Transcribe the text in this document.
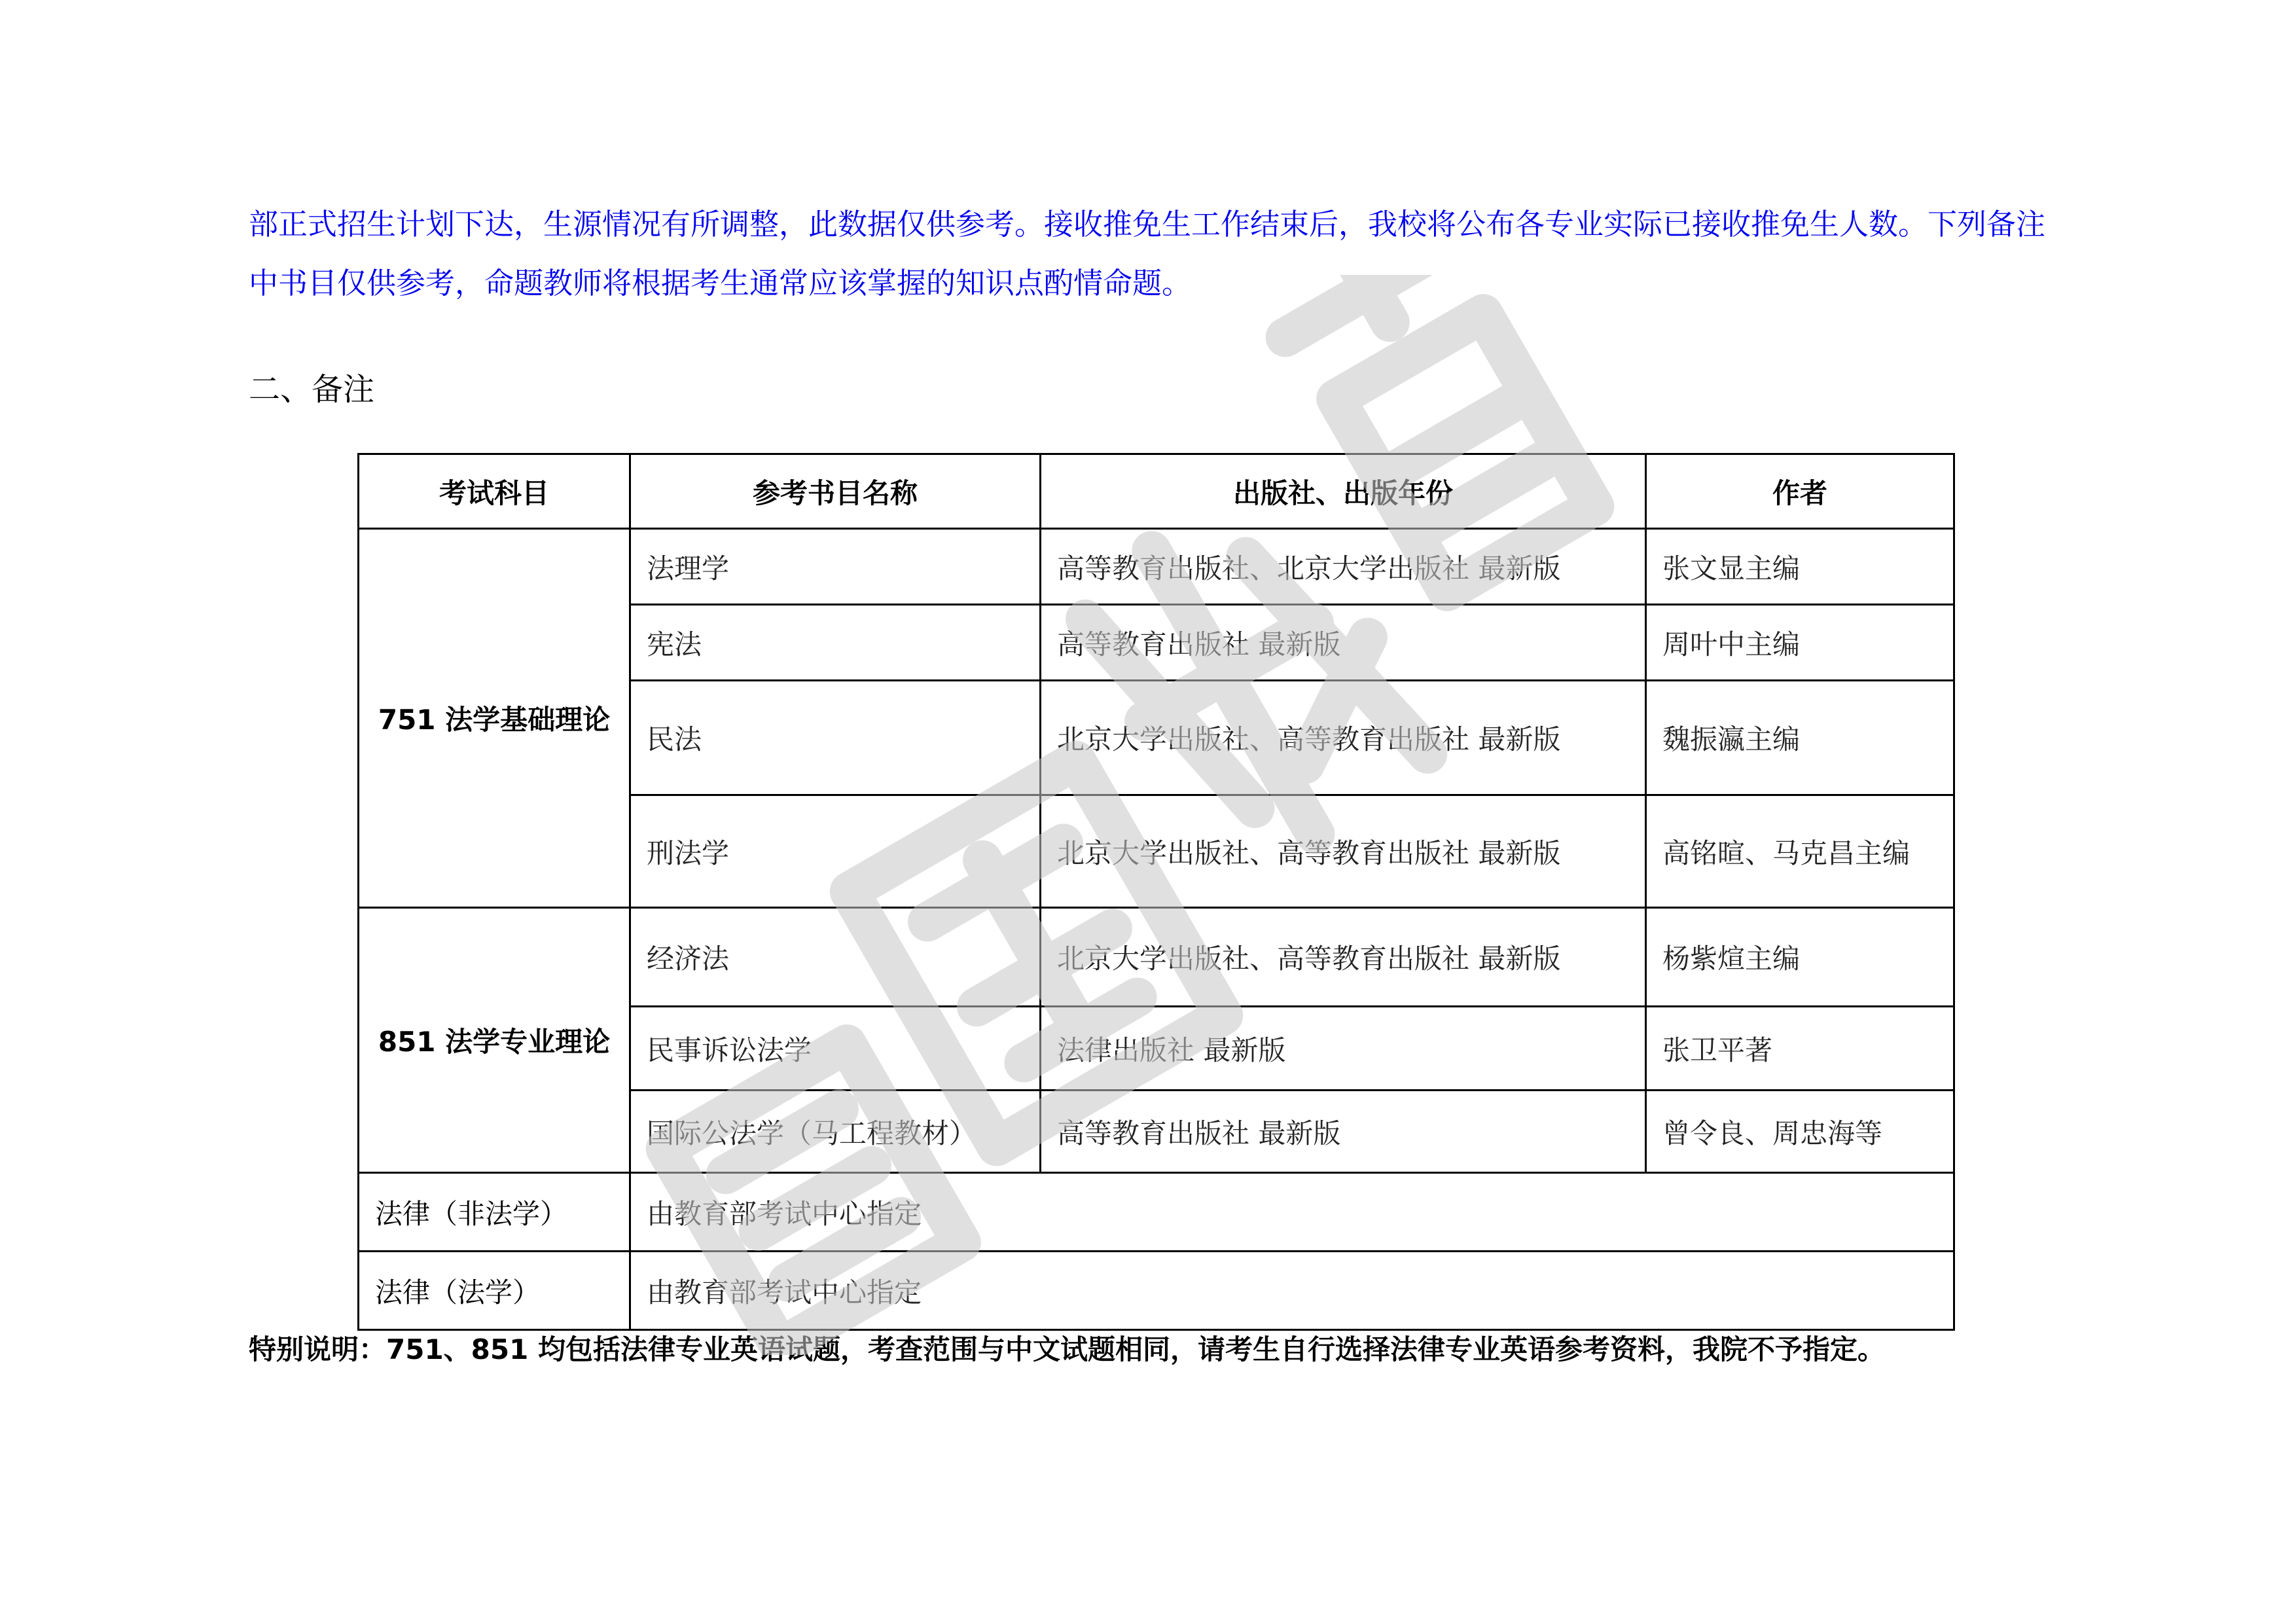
部正式招生计划下达，生源情况有所调整，此数据仅供参考。接收推免生工作结束后，我校将公布各专业实际已接收推免生人数。下列备注中书目仅供参考，命题教师将根据考生通常应该掌握的知识点酌情命题。

二、备注
考试科目	参考书目名称	出版社、出版年份	作者
751 法学基础理论	法理学	高等教育出版社、北京大学出版社 最新版	张文显主编
	宪法	高等教育出版社 最新版	周叶中主编
	民法	北京大学出版社、高等教育出版社 最新版	魏振瀛主编
	刑法学	北京大学出版社、高等教育出版社 最新版	高铭暄、马克昌主编
851 法学专业理论	经济法	北京大学出版社、高等教育出版社 最新版	杨紫煊主编
	民事诉讼法学	法律出版社 最新版	张卫平著
	国际公法学（马工程教材）	高等教育出版社 最新版	曾令良、周忠海等
法律（非法学）	由教育部考试中心指定		
法律（法学）	由教育部考试中心指定		

特别说明：751、851 均包括法律专业英语试题，考查范围与中文试题相同，请考生自行选择法律专业英语参考资料，我院不予指定。
